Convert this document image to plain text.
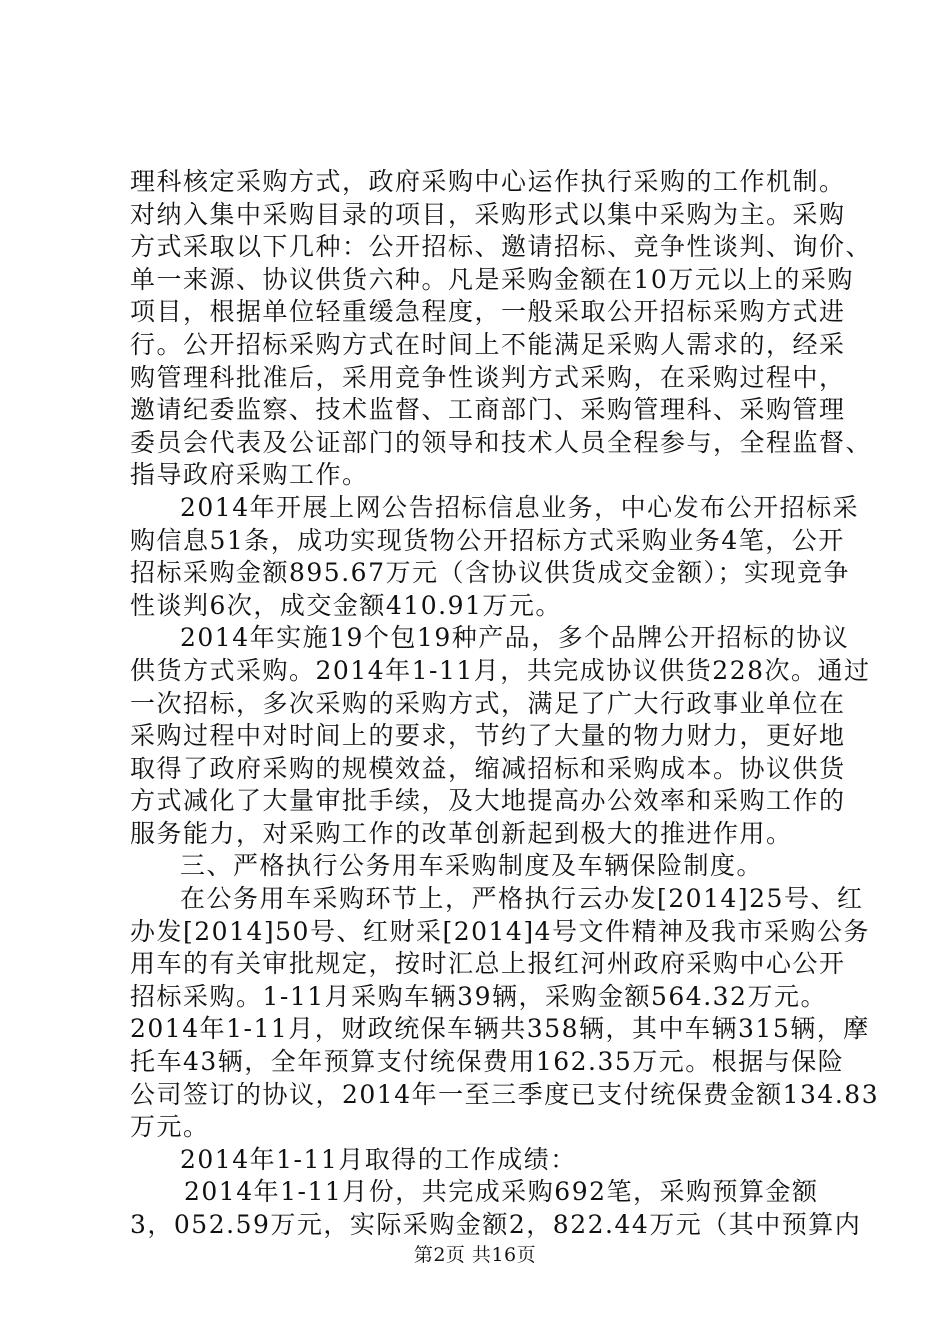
理科核定采购方式，政府采购中心运作执行采购的工作机制。
对纳入集中采购目录的项目，采购形式以集中采购为主。采购
方式采取以下几种：公开招标、邀请招标、竞争性谈判、询价、
单一来源、协议供货六种。凡是采购金额在10万元以上的采购
项目，根据单位轻重缓急程度，一般采取公开招标采购方式进
行。公开招标采购方式在时间上不能满足采购人需求的，经采
购管理科批准后，采用竞争性谈判方式采购，在采购过程中，
邀请纪委监察、技术监督、工商部门、采购管理科、采购管理
委员会代表及公证部门的领导和技术人员全程参与，全程监督、
指导政府采购工作。
2014年开展上网公告招标信息业务，中心发布公开招标采
购信息51条，成功实现货物公开招标方式采购业务4笔，公开
招标采购金额895.67万元（含协议供货成交金额）；实现竞争
性谈判6次，成交金额410.91万元。
2014年实施19个包19种产品，多个品牌公开招标的协议
供货方式采购。2014年1-11月，共完成协议供货228次。通过
一次招标，多次采购的采购方式，满足了广大行政事业单位在
采购过程中对时间上的要求，节约了大量的物力财力，更好地
取得了政府采购的规模效益，缩减招标和采购成本。协议供货
方式减化了大量审批手续，及大地提高办公效率和采购工作的
服务能力，对采购工作的改革创新起到极大的推进作用。
三、严格执行公务用车采购制度及车辆保险制度。
在公务用车采购环节上，严格执行云办发[2014]25号、红
办发[2014]50号、红财采[2014]4号文件精神及我市采购公务
用车的有关审批规定，按时汇总上报红河州政府采购中心公开
招标采购。1-11月采购车辆39辆，采购金额564.32万元。
2014年1-11月，财政统保车辆共358辆，其中车辆315辆，摩
托车43辆，全年预算支付统保费用162.35万元。根据与保险
公司签订的协议，2014年一至三季度已支付统保费金额134.83
万元。
2014年1-11月取得的工作成绩：
2014年1-11月份，共完成采购692笔，采购预算金额
3，052.59万元，实际采购金额2，822.44万元（其中预算内
第2页 共16页
